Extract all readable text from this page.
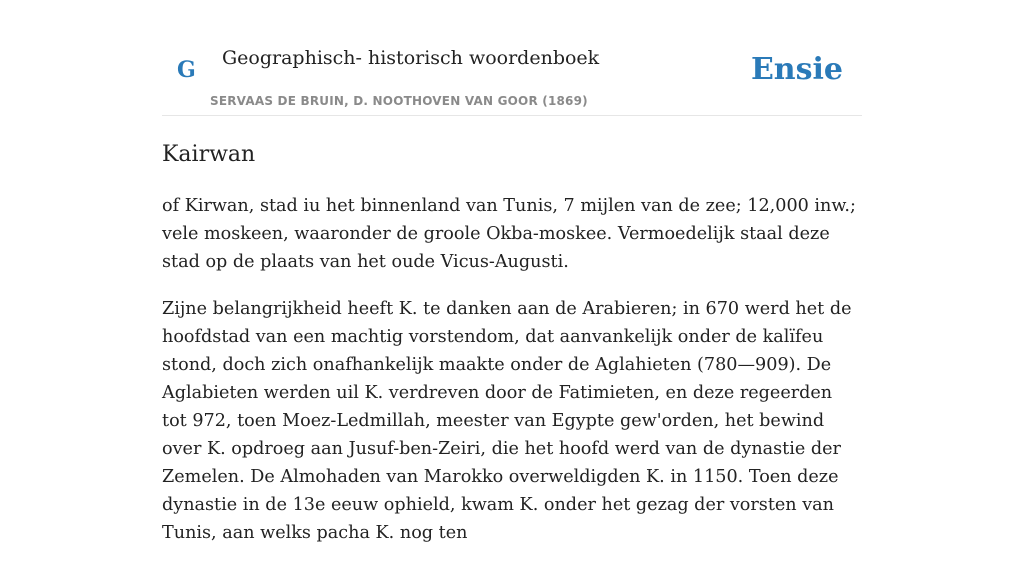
G Geographisch- historisch woordenboek
SERVAAS DE BRUIN, D. NOOTHOVEN VAN GOOR (1869)
Ensie
Kairwan

of Kirwan, stad iu het binnenland van Tunis, 7 mijlen van de zee; 12,000 inw.; vele moskeen, waaronder de groole Okba-moskee. Vermoedelijk staal deze stad op de plaats van het oude Vicus-Augusti.

Zijne belangrijkheid heeft K. te danken aan de Arabieren; in 670 werd het de hoofdstad van een machtig vorstendom, dat aanvankelijk onder de kalïfeu stond, doch zich onafhankelijk maakte onder de Aglahieten (780—909). De Aglabieten werden uil K. verdreven door de Fatimieten, en deze regeerden tot 972, toen Moez-Ledmillah, meester van Egypte gew'orden, het bewind over K. opdroeg aan Jusuf-ben-Zeiri, die het hoofd werd van de dynastie der Zemelen. De Almohaden van Marokko overweldigden K. in 1150. Toen deze dynastie in de 13e eeuw ophield, kwam K. onder het gezag der vorsten van Tunis, aan welks pacha K. nog ten
